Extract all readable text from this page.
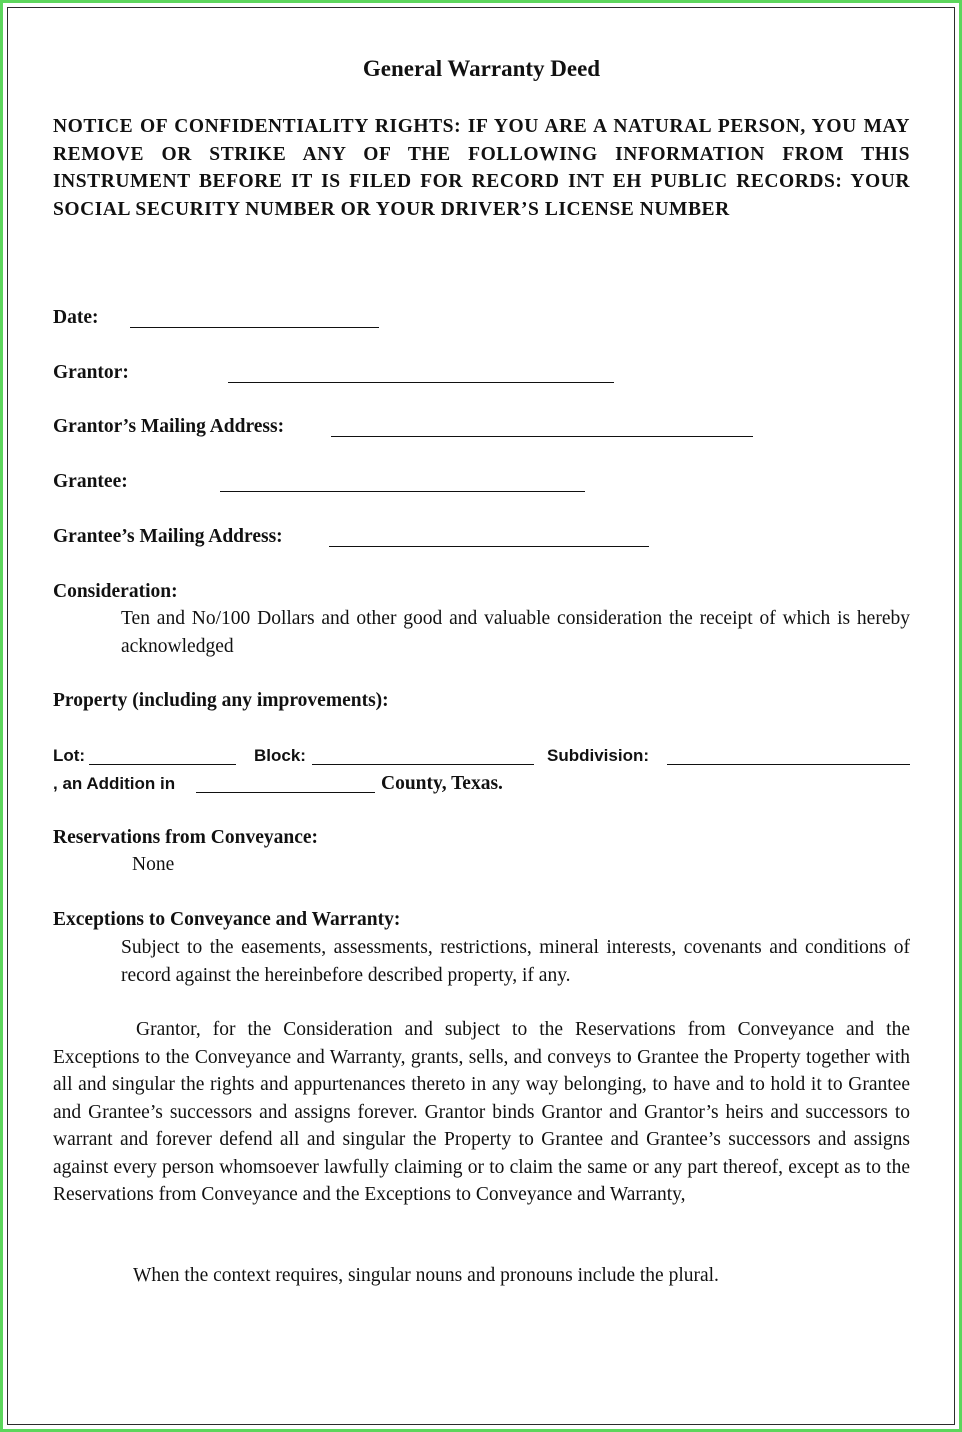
General Warranty Deed
NOTICE OF CONFIDENTIALITY RIGHTS: IF YOU ARE A NATURAL PERSON, YOU MAY REMOVE OR STRIKE ANY OF THE FOLLOWING INFORMATION FROM THIS INSTRUMENT BEFORE IT IS FILED FOR RECORD INT EH PUBLIC RECORDS: YOUR SOCIAL SECURITY NUMBER OR YOUR DRIVER’S LICENSE NUMBER
Date:
Grantor:
Grantor’s Mailing Address:
Grantee:
Grantee’s Mailing Address:
Consideration:
Ten and No/100 Dollars and other good and valuable consideration the receipt of which is hereby acknowledged
Property (including any improvements):
Lot:	Block:	Subdivision:
, an Addition in	County, Texas.
Reservations from Conveyance:
None
Exceptions to Conveyance and Warranty:
Subject to the easements, assessments, restrictions, mineral interests, covenants and conditions of record against the hereinbefore described property, if any.
Grantor, for the Consideration and subject to the Reservations from Conveyance and the Exceptions to the Conveyance and Warranty, grants, sells, and conveys to Grantee the Property together with all and singular the rights and appurtenances thereto in any way belonging, to have and to hold it to Grantee and Grantee’s successors and assigns forever. Grantor binds Grantor and Grantor’s heirs and successors to warrant and forever defend all and singular the Property to Grantee and Grantee’s successors and assigns against every person whomsoever lawfully claiming or to claim the same or any part thereof, except as to the Reservations from Conveyance and the Exceptions to Conveyance and Warranty,
When the context requires, singular nouns and pronouns include the plural.
